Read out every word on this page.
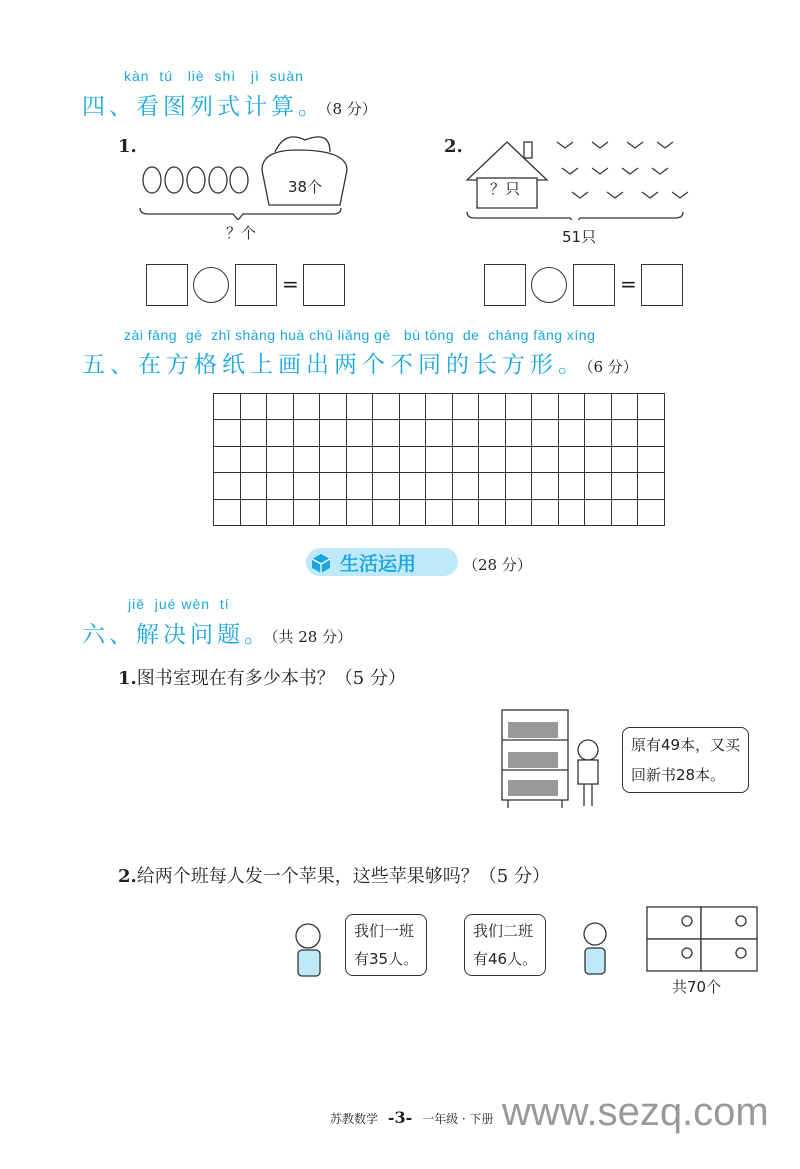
kàn  tú   liè  shì   jì  suàn
四、看图列式计算。（8 分）
1.
38个
？个
=
2.
？只
51只
=
zài fāng  gé  zhǐ shàng huà chū liǎng gè   bù tóng  de  cháng fāng xíng
五、在方格纸上画出两个不同的长方形。（6 分）
生活运用	（28 分）
jiě  jué wèn  tí
六、解决问题。（共 28 分）
1.图书室现在有多少本书？（5 分）
原有49本，又买
回新书28本。
2.给两个班每人发一个苹果，这些苹果够吗？（5 分）
我们一班
有35人。
我们二班
有46人。
共70个
苏教数学 -3- 一年级 · 下册 www.sezq.com
